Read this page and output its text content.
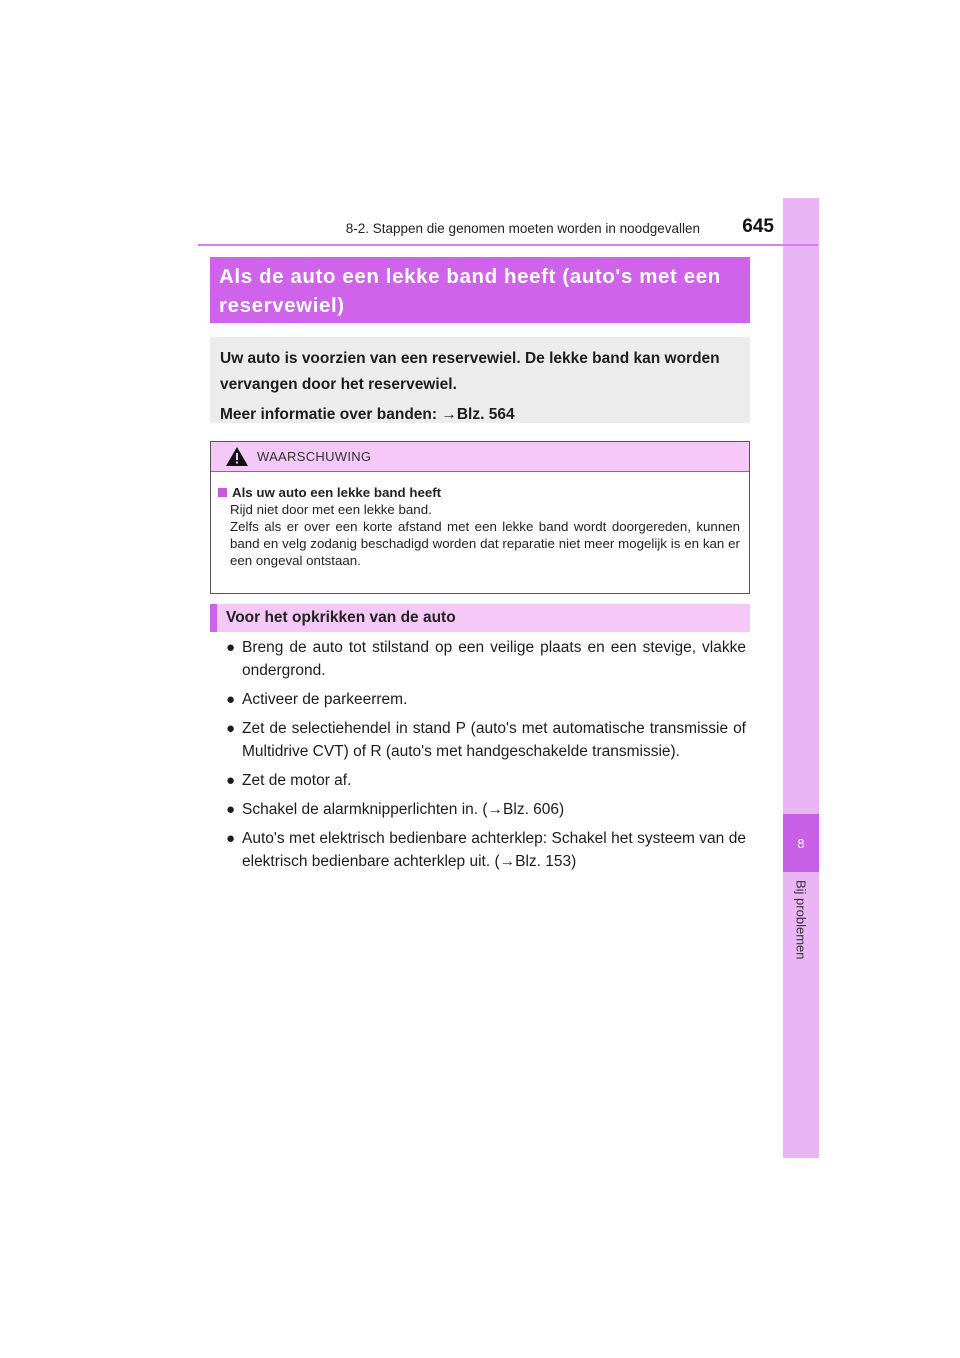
8
Bij problemen
8-2. Stappen die genomen moeten worden in noodgevallen	645
Als de auto een lekke band heeft (auto's met een reservewiel)

Uw auto is voorzien van een reservewiel. De lekke band kan worden vervangen door het reservewiel.

Meer informatie over banden: →Blz. 564

WAARSCHUWING
Als uw auto een lekke band heeft
Rijd niet door met een lekke band.
Zelfs als er over een korte afstand met een lekke band wordt doorgereden, kunnen band en velg zodanig beschadigd worden dat reparatie niet meer mogelijk is en kan er een ongeval ontstaan.
Voor het opkrikken van de auto
● Breng de auto tot stilstand op een veilige plaats en een stevige, vlakke ondergrond.
● Activeer de parkeerrem.
● Zet de selectiehendel in stand P (auto's met automatische transmissie of Multidrive CVT) of R (auto's met handgeschakelde transmissie).
● Zet de motor af.
● Schakel de alarmknipperlichten in. (→Blz. 606)
● Auto's met elektrisch bedienbare achterklep: Schakel het systeem van de elektrisch bedienbare achterklep uit. (→Blz. 153)
